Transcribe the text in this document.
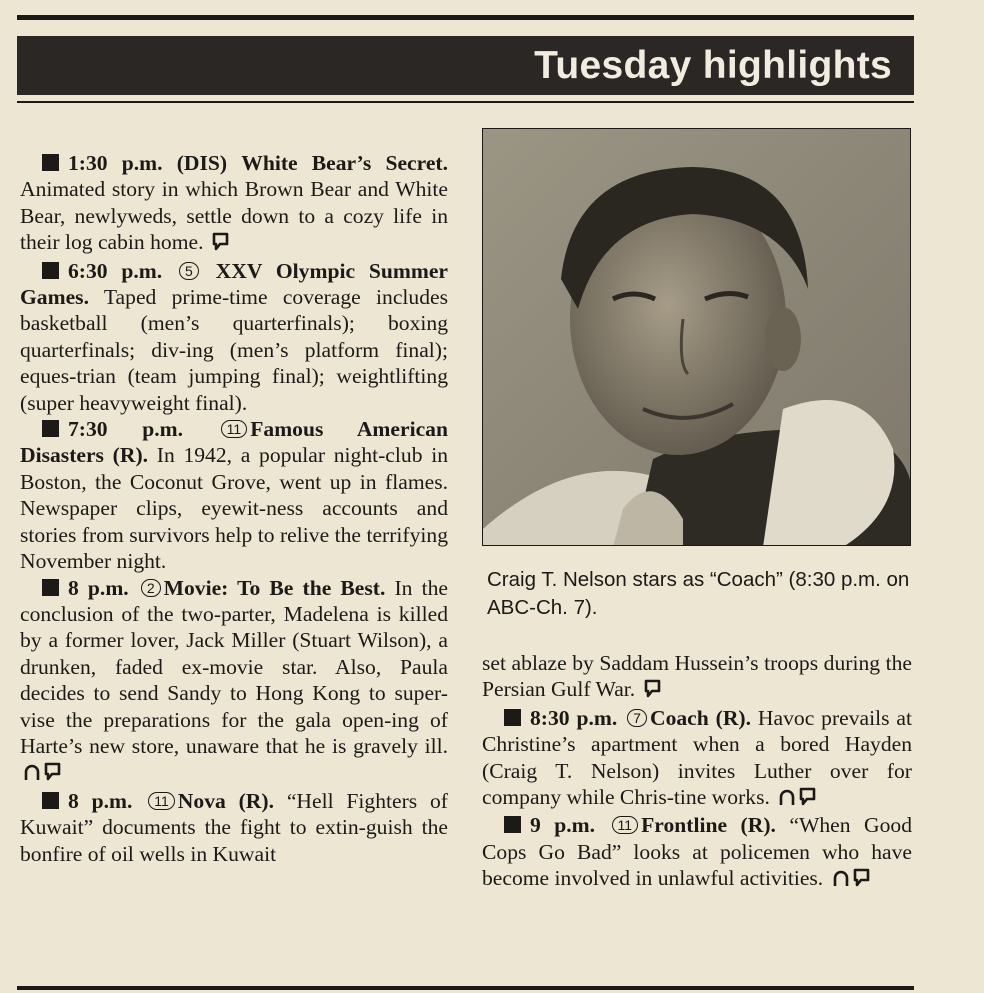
Tuesday highlights

1:30 p.m. (DIS) White Bear’s Secret. Animated story in which Brown Bear and White Bear, newlyweds, settle down to a cozy life in their log cabin home.

6:30 p.m. 5 XXV Olympic Summer Games. Taped prime-time coverage includes basketball (men’s quarterfinals); boxing quarterfinals; div-ing (men’s platform final); eques-trian (team jumping final); weightlifting (super heavyweight final).

7:30 p.m.	11 Famous American Disasters (R). In 1942, a popular night-club in Boston, the Coconut Grove, went up in flames. Newspaper clips, eyewit-ness accounts and stories from survivors help to relive the terrifying November night.

8 p.m. 2 Movie: To Be the Best. In the conclusion of the two-parter, Madelena is killed by a former lover, Jack Miller (Stuart Wilson), a drunken, faded ex-movie star. Also, Paula decides to send Sandy to Hong Kong to super-vise the preparations for the gala open-ing of Harte’s new store, unaware that he is gravely ill.

8 p.m. 11 Nova (R). “Hell Fighters of Kuwait” documents the fight to extin-guish the bonfire of oil wells in Kuwait

Craig T. Nelson stars as “Coach” (8:30 p.m. on ABC-Ch. 7).

set ablaze by Saddam Hussein’s troops during the Persian Gulf War.

8:30 p.m. 7 Coach (R). Havoc prevails at Christine’s apartment when a bored Hayden (Craig T. Nelson) invites Luther over for company while Chris-tine works.

9 p.m. 11 Frontline (R). “When Good Cops Go Bad” looks at policemen who have become involved in unlawful activities.
